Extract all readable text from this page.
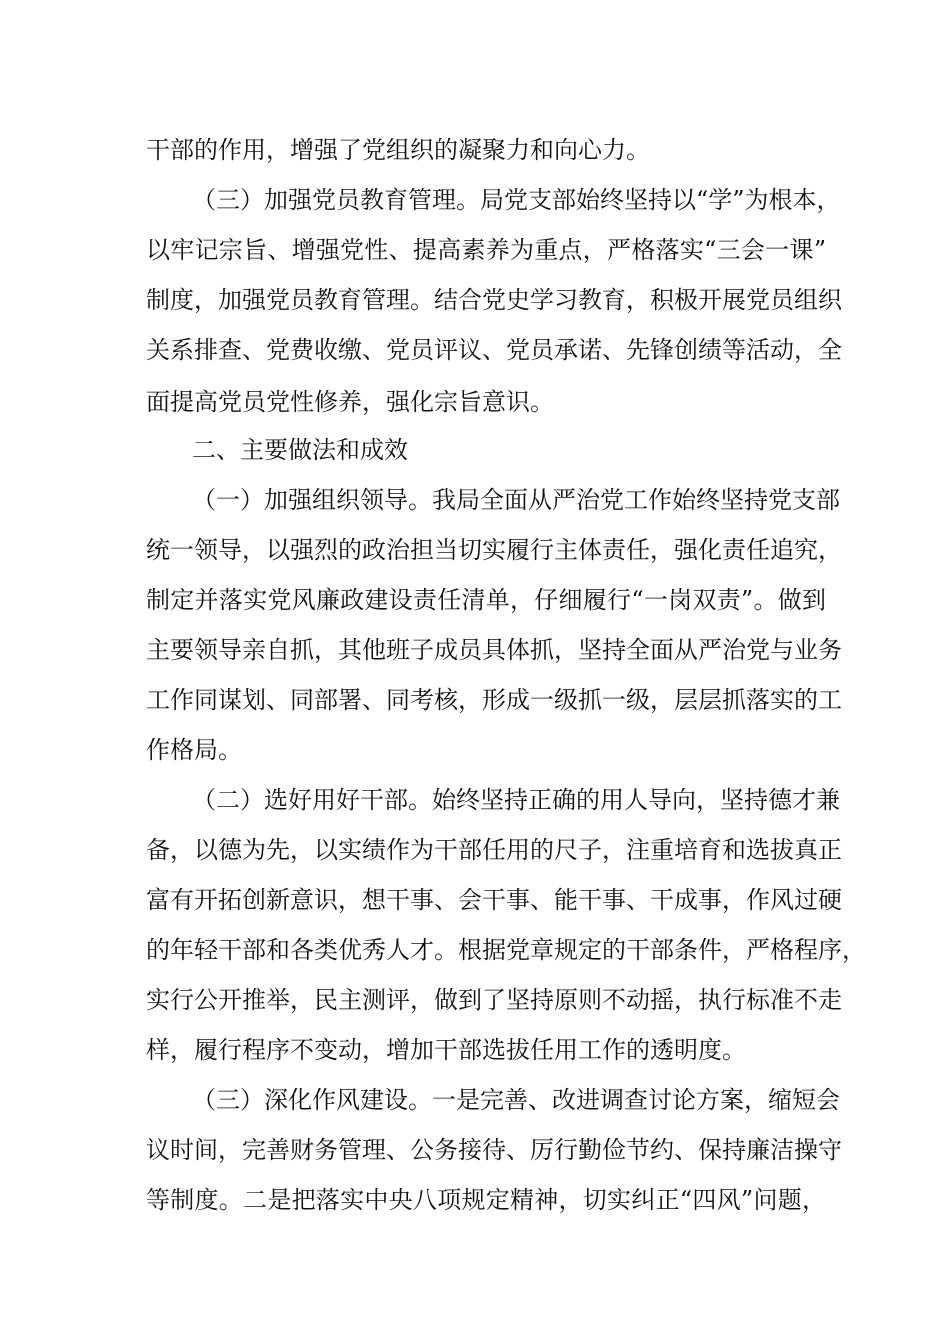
干部的作用，增强了党组织的凝聚力和向心力。
（三）加强党员教育管理。局党支部始终坚持以“学”为根本，
以牢记宗旨、增强党性、提高素养为重点，严格落实“三会一课”
制度，加强党员教育管理。结合党史学习教育，积极开展党员组织
关系排查、党费收缴、党员评议、党员承诺、先锋创绩等活动，全
面提高党员党性修养，强化宗旨意识。
二、主要做法和成效
（一）加强组织领导。我局全面从严治党工作始终坚持党支部
统一领导，以强烈的政治担当切实履行主体责任，强化责任追究，
制定并落实党风廉政建设责任清单，仔细履行“一岗双责”。做到
主要领导亲自抓，其他班子成员具体抓，坚持全面从严治党与业务
工作同谋划、同部署、同考核，形成一级抓一级，层层抓落实的工
作格局。
（二）选好用好干部。始终坚持正确的用人导向，坚持德才兼
备，以德为先，以实绩作为干部任用的尺子，注重培育和选拔真正
富有开拓创新意识，想干事、会干事、能干事、干成事，作风过硬
的年轻干部和各类优秀人才。根据党章规定的干部条件，严格程序，
实行公开推举，民主测评，做到了坚持原则不动摇，执行标准不走
样，履行程序不变动，增加干部选拔任用工作的透明度。
（三）深化作风建设。一是完善、改进调查讨论方案，缩短会
议时间，完善财务管理、公务接待、厉行勤俭节约、保持廉洁操守
等制度。二是把落实中央八项规定精神，切实纠正“四风”问题，
